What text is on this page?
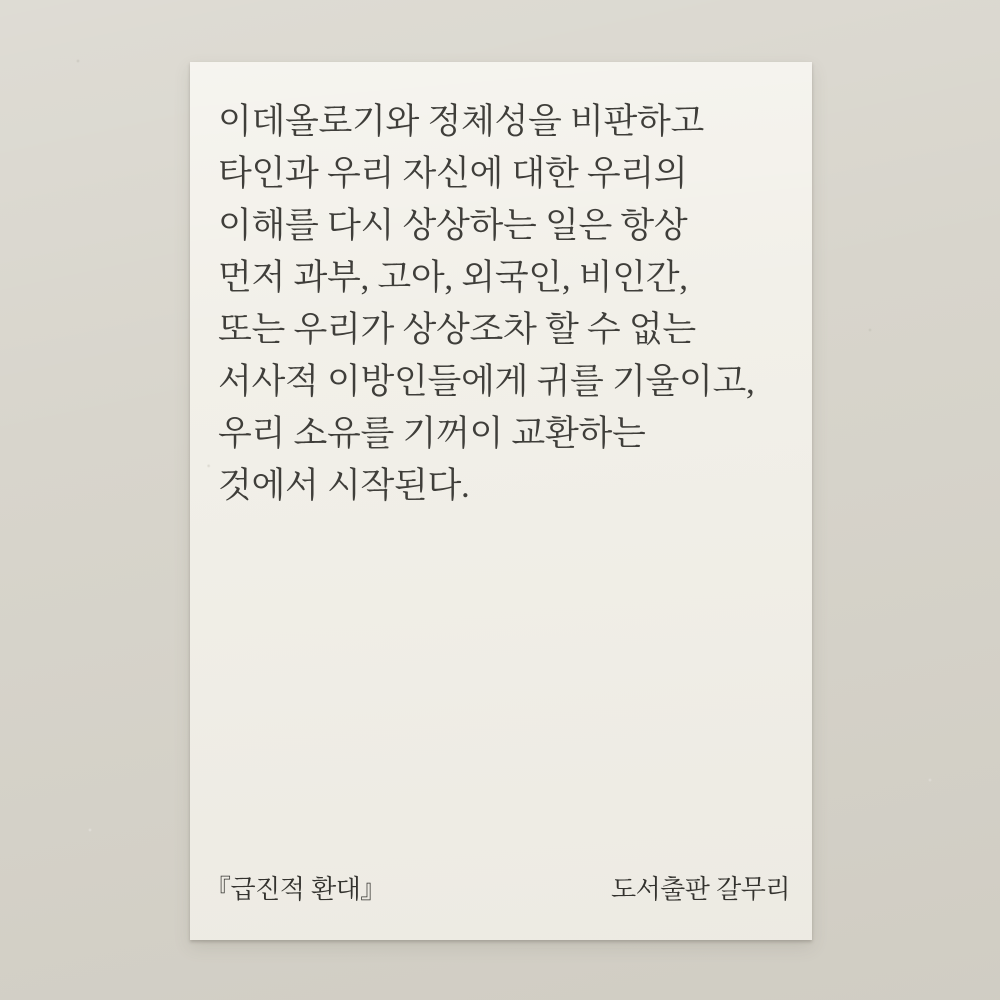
이데올로기와 정체성을 비판하고
타인과 우리 자신에 대한 우리의
이해를 다시 상상하는 일은 항상
먼저 과부, 고아, 외국인, 비인간,
또는 우리가 상상조차 할 수 없는
서사적 이방인들에게 귀를 기울이고,
우리 소유를 기꺼이 교환하는
것에서 시작된다.
『급진적 환대』	도서출판 갈무리
